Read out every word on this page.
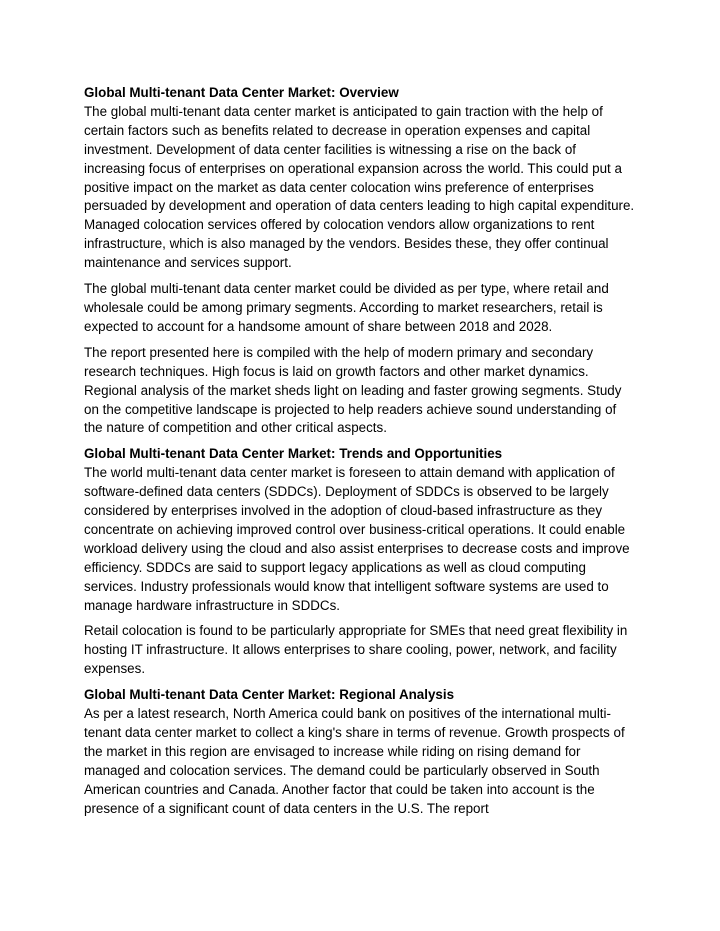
Global Multi-tenant Data Center Market: Overview

The global multi-tenant data center market is anticipated to gain traction with the help of certain factors such as benefits related to decrease in operation expenses and capital investment. Development of data center facilities is witnessing a rise on the back of increasing focus of enterprises on operational expansion across the world. This could put a positive impact on the market as data center colocation wins preference of enterprises persuaded by development and operation of data centers leading to high capital expenditure. Managed colocation services offered by colocation vendors allow organizations to rent infrastructure, which is also managed by the vendors. Besides these, they offer continual maintenance and services support.

The global multi-tenant data center market could be divided as per type, where retail and wholesale could be among primary segments. According to market researchers, retail is expected to account for a handsome amount of share between 2018 and 2028.

The report presented here is compiled with the help of modern primary and secondary research techniques. High focus is laid on growth factors and other market dynamics. Regional analysis of the market sheds light on leading and faster growing segments. Study on the competitive landscape is projected to help readers achieve sound understanding of the nature of competition and other critical aspects.

Global Multi-tenant Data Center Market: Trends and Opportunities

The world multi-tenant data center market is foreseen to attain demand with application of software-defined data centers (SDDCs). Deployment of SDDCs is observed to be largely considered by enterprises involved in the adoption of cloud-based infrastructure as they concentrate on achieving improved control over business-critical operations. It could enable workload delivery using the cloud and also assist enterprises to decrease costs and improve efficiency. SDDCs are said to support legacy applications as well as cloud computing services. Industry professionals would know that intelligent software systems are used to manage hardware infrastructure in SDDCs.

Retail colocation is found to be particularly appropriate for SMEs that need great flexibility in hosting IT infrastructure. It allows enterprises to share cooling, power, network, and facility expenses.

Global Multi-tenant Data Center Market: Regional Analysis

As per a latest research, North America could bank on positives of the international multi-tenant data center market to collect a king's share in terms of revenue. Growth prospects of the market in this region are envisaged to increase while riding on rising demand for managed and colocation services. The demand could be particularly observed in South American countries and Canada. Another factor that could be taken into account is the presence of a significant count of data centers in the U.S. The report
